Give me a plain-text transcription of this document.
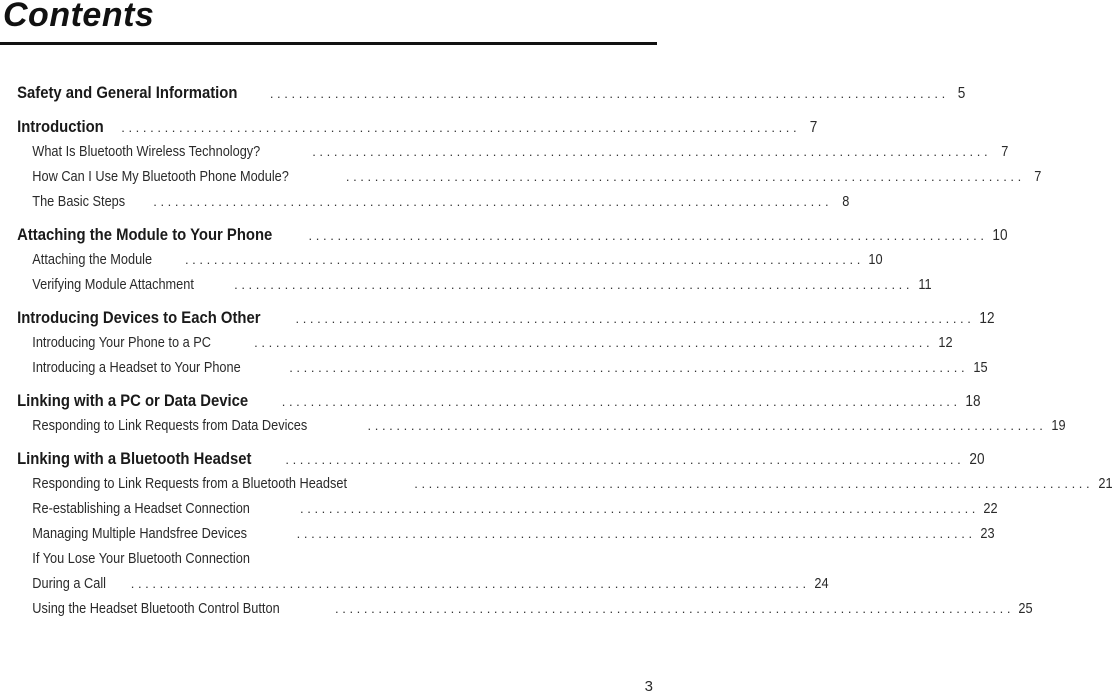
Contents
Safety and General Information . . .	5
Introduction . . .	7
What Is Bluetooth Wireless Technology? . . .	7
How Can I Use My Bluetooth Phone Module? . . .	7
The Basic Steps . . .	8
Attaching the Module to Your Phone . . .	10
Attaching the Module . . .	10
Verifying Module Attachment . . .	11
Introducing Devices to Each Other . . .	12
Introducing Your Phone to a PC . . .	12
Introducing a Headset to Your Phone . . .	15
Linking with a PC or Data Device . . .	18
Responding to Link Requests from Data Devices . . .	19
Linking with a Bluetooth Headset . . .	20
Responding to Link Requests from a Bluetooth Headset . . .	21
Re-establishing a Headset Connection . . .	22
Managing Multiple Handsfree Devices . . .	23
If You Lose Your Bluetooth Connection
During a Call . . .	24
Using the Headset Bluetooth Control Button . . .	25
3
